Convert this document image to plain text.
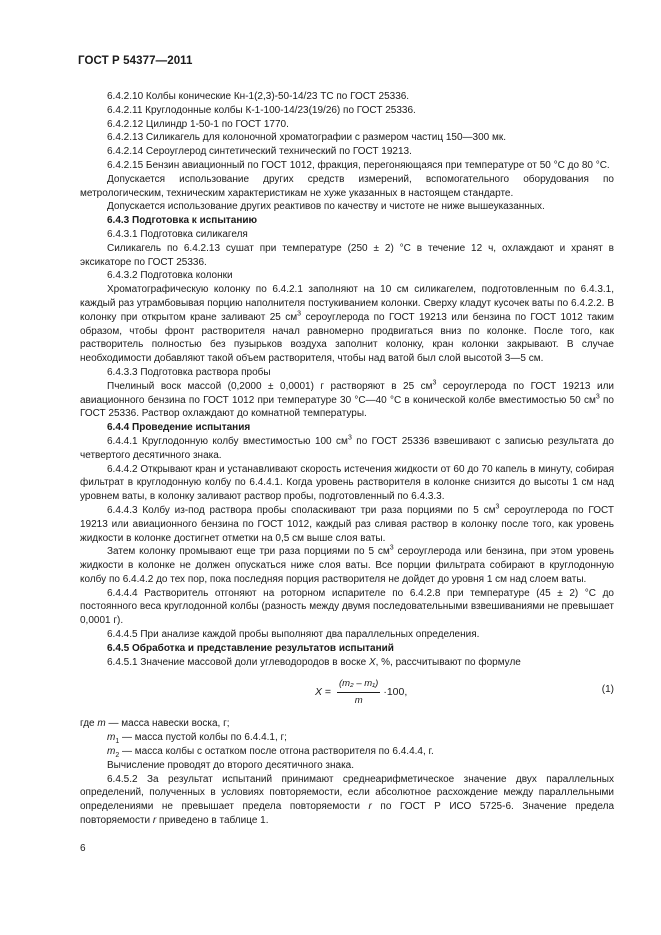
ГОСТ Р 54377—2011

6.4.2.10 Колбы конические Кн-1(2,3)-50-14/23 ТС по ГОСТ 25336.

6.4.2.11 Круглодонные колбы К-1-100-14/23(19/26) по ГОСТ 25336.

6.4.2.12 Цилиндр 1-50-1 по ГОСТ 1770.

6.4.2.13 Силикагель для колоночной хроматографии с размером частиц 150—300 мк.

6.4.2.14 Сероуглерод синтетический технический по ГОСТ 19213.

6.4.2.15 Бензин авиационный по ГОСТ 1012, фракция, перегоняющаяся при температуре от 50 °С до 80 °С.

Допускается использование других средств измерений, вспомогательного оборудования по метрологическим, техническим характеристикам не хуже указанных в настоящем стандарте.

Допускается использование других реактивов по качеству и чистоте не ниже вышеуказанных.

6.4.3 Подготовка к испытанию

6.4.3.1 Подготовка силикагеля

Силикагель по 6.4.2.13 сушат при температуре (250 ± 2) °С в течение 12 ч, охлаждают и хранят в эксикаторе по ГОСТ 25336.

6.4.3.2 Подготовка колонки

Хроматографическую колонку по 6.4.2.1 заполняют на 10 см силикагелем, подготовленным по 6.4.3.1, каждый раз утрамбовывая порцию наполнителя постукиванием колонки. Сверху кладут кусочек ваты по 6.4.2.2. В колонку при открытом кране заливают 25 $см^3$ сероуглерода по ГОСТ 19213 или бензина по ГОСТ 1012 таким образом, чтобы фронт растворителя начал равномерно продвигаться вниз по колонке. После того, как растворитель полностью без пузырьков воздуха заполнит колонку, кран колонки закрывают. В случае необходимости добавляют такой объем растворителя, чтобы над ватой был слой высотой 3—5 см.

6.4.3.3 Подготовка раствора пробы

Пчелиный воск массой (0,2000 ± 0,0001) г растворяют в 25 $см^3$ сероуглерода по ГОСТ 19213 или авиационного бензина по ГОСТ 1012 при температуре 30 °С—40 °С в конической колбе вместимостью 50 $см^3$ по ГОСТ 25336. Раствор охлаждают до комнатной температуры.

6.4.4 Проведение испытания

6.4.4.1 Круглодонную колбу вместимостью 100 $см^3$ по ГОСТ 25336 взвешивают с записью результата до четвертого десятичного знака.

6.4.4.2 Открывают кран и устанавливают скорость истечения жидкости от 60 до 70 капель в минуту, собирая фильтрат в круглодонную колбу по 6.4.4.1. Когда уровень растворителя в колонке снизится до высоты 1 см над уровнем ваты, в колонку заливают раствор пробы, подготовленный по 6.4.3.3.

6.4.4.3 Колбу из-под раствора пробы споласкивают три раза порциями по 5 $см^3$ сероуглерода по ГОСТ 19213 или авиационного бензина по ГОСТ 1012, каждый раз сливая раствор в колонку после того, как уровень жидкости в колонке достигнет отметки на 0,5 см выше слоя ваты.

Затем колонку промывают еще три раза порциями по 5 $см^3$ сероуглерода или бензина, при этом уровень жидкости в колонке не должен опускаться ниже слоя ваты. Все порции фильтрата собирают в круглодонную колбу по 6.4.4.2 до тех пор, пока последняя порция растворителя не дойдет до уровня 1 см над слоем ваты.

6.4.4.4 Растворитель отгоняют на роторном испарителе по 6.4.2.8 при температуре (45 ± 2) °С до постоянного веса круглодонной колбы (разность между двумя последовательными взвешиваниями не превышает 0,0001 г).

6.4.4.5 При анализе каждой пробы выполняют два параллельных определения.

6.4.5 Обработка и представление результатов испытаний

6.4.5.1 Значение массовой доли углеводородов в воске X, %, рассчитывают по формуле

$X = \frac{\text{(m₂ – m₁)}}{m} \cdot 100$,	(1)

где m — масса навески воска, г;

$m_1$ — масса пустой колбы по 6.4.4.1, г;

$m_2$ — масса колбы с остатком после отгона растворителя по 6.4.4.4, г.

Вычисление проводят до второго десятичного знака.

6.4.5.2 За результат испытаний принимают среднеарифметическое значение двух параллельных определений, полученных в условиях повторяемости, если абсолютное расхождение между параллельными определениями не превышает предела повторяемости r по ГОСТ Р ИСО 5725-6. Значение предела повторяемости r приведено в таблице 1.

6
